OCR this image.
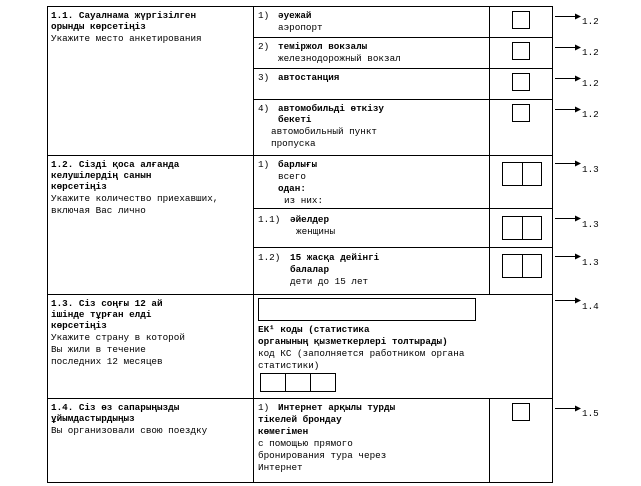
1.1. Сауалнама жүргізілген
орынды көрсетіңіз
Укажите место анкетирования
1) әуежай
аэропорт
1.2
2) теміржол вокзалы
железнодорожный вокзал
1.2
3) автостанция
1.2
4) автомобильді өткізу
бекеті
автомобильный пункт
пропуска
1.2
1.2. Сізді қоса алғанда
келушілердің санын
көрсетіңіз
Укажите количество приехавших,
включая Вас лично
1) барлығы
всего
одан:
из них:
1.3
1.1) әйелдер
женщины
1.3
1.2) 15 жасқа дейінгі
балалар
дети до 15 лет
1.3
1.3. Сіз соңғы 12 ай
ішінде тұрған елді
көрсетіңіз
Укажите страну в которой
Вы жили в течение
последних 12 месяцев
ЕК¹ коды (статистика
органының қызметкерлері толтырады)
код КС (заполняется работником органа
статистики)
1.4
1.4. Сіз өз сапарыңызды
ұйымдастырдыңыз
Вы организовали свою поездку
1) Интернет арқылы турды
тікелей брондау
көмегімен
с помощью прямого
бронирования тура через
Интернет
1.5
